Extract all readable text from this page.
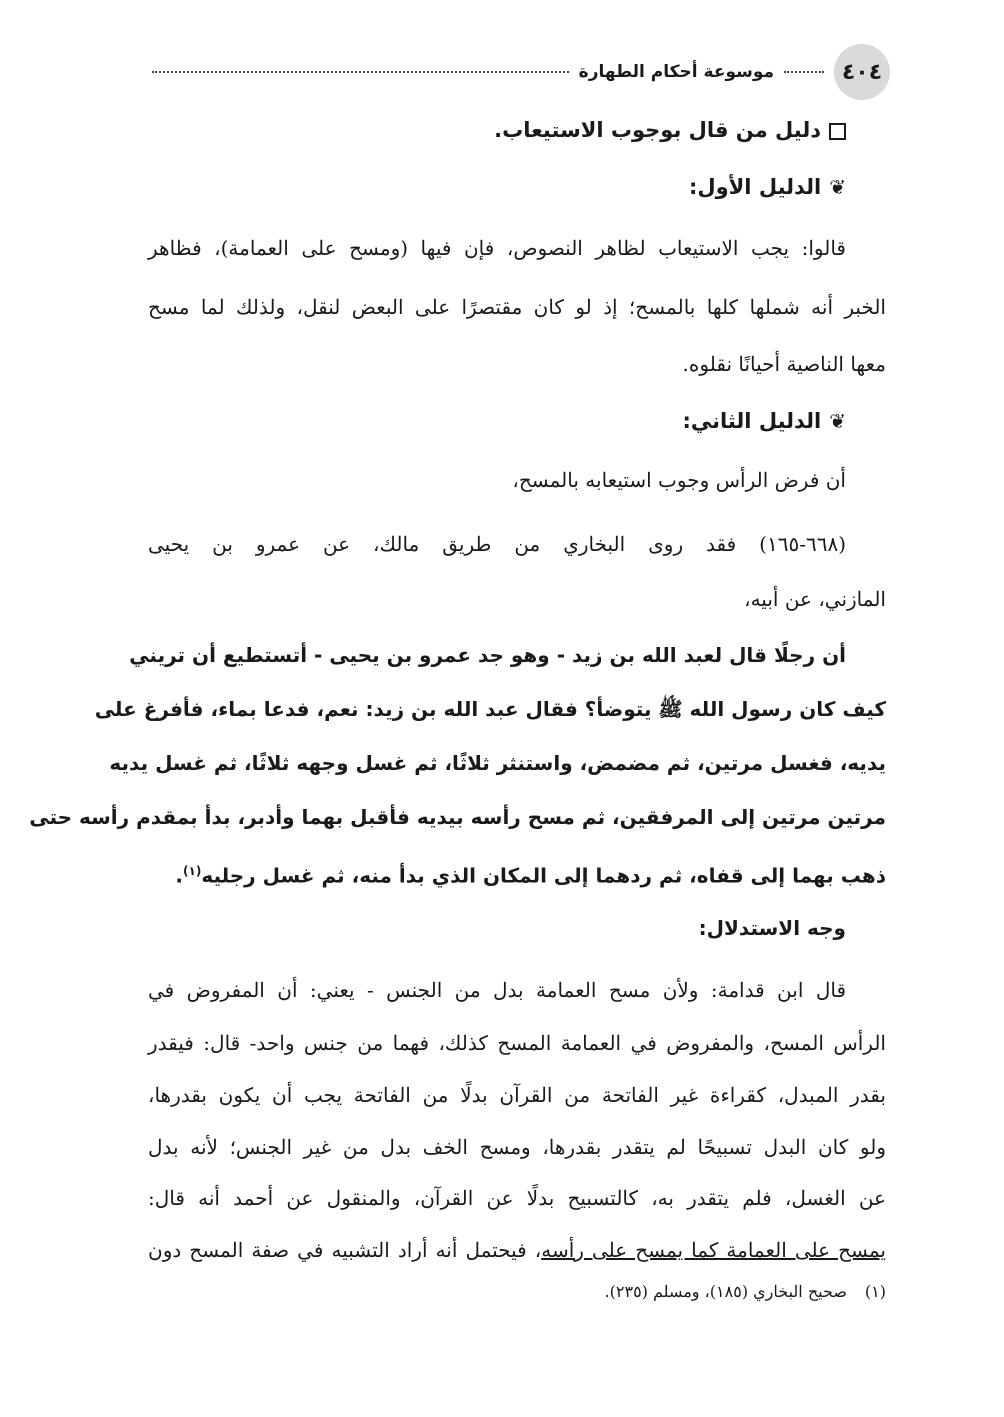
٤٠٤
موسوعة أحكام الطهارة
دليل من قال بوجوب الاستيعاب.
❦الدليل الأول:
قالوا: يجب الاستيعاب لظاهر النصوص، فإن فيها (ومسح على العمامة)، فظاهر
الخبر أنه شملها كلها بالمسح؛ إذ لو كان مقتصرًا على البعض لنقل، ولذلك لما مسح
معها الناصية أحيانًا نقلوه.
❦الدليل الثاني:
أن فرض الرأس وجوب استيعابه بالمسح،
(٦٦٨-١٦٥) فقد روى البخاري من طريق مالك، عن عمرو بن يحيى
المازني، عن أبيه،
أن رجلًا قال لعبد الله بن زيد - وهو جد عمرو بن يحيى - أتستطيع أن تريني
كيف كان رسول الله ﷺ يتوضأ؟ فقال عبد الله بن زيد: نعم، فدعا بماء، فأفرغ على
يديه، فغسل مرتين، ثم مضمض، واستنثر ثلاثًا، ثم غسل وجهه ثلاثًا، ثم غسل يديه
مرتين مرتين إلى المرفقين، ثم مسح رأسه بيديه فأقبل بهما وأدبر، بدأ بمقدم رأسه حتى
ذهب بهما إلى قفاه، ثم ردهما إلى المكان الذي بدأ منه، ثم غسل رجليه$^{(١)}$.
وجه الاستدلال:
قال ابن قدامة: ولأن مسح العمامة بدل من الجنس - يعني: أن المفروض في
الرأس المسح، والمفروض في العمامة المسح كذلك، فهما من جنس واحد- قال: فيقدر
بقدر المبدل، كقراءة غير الفاتحة من القرآن بدلًا من الفاتحة يجب أن يكون بقدرها،
ولو كان البدل تسبيحًا لم يتقدر بقدرها، ومسح الخف بدل من غير الجنس؛ لأنه بدل
عن الغسل، فلم يتقدر به، كالتسبيح بدلًا عن القرآن، والمنقول عن أحمد أنه قال:
يمسح على العمامة كما يمسح على رأسه، فيحتمل أنه أراد التشبيه في صفة المسح دون
(١)صحيح البخاري (١٨٥)، ومسلم (٢٣٥).
